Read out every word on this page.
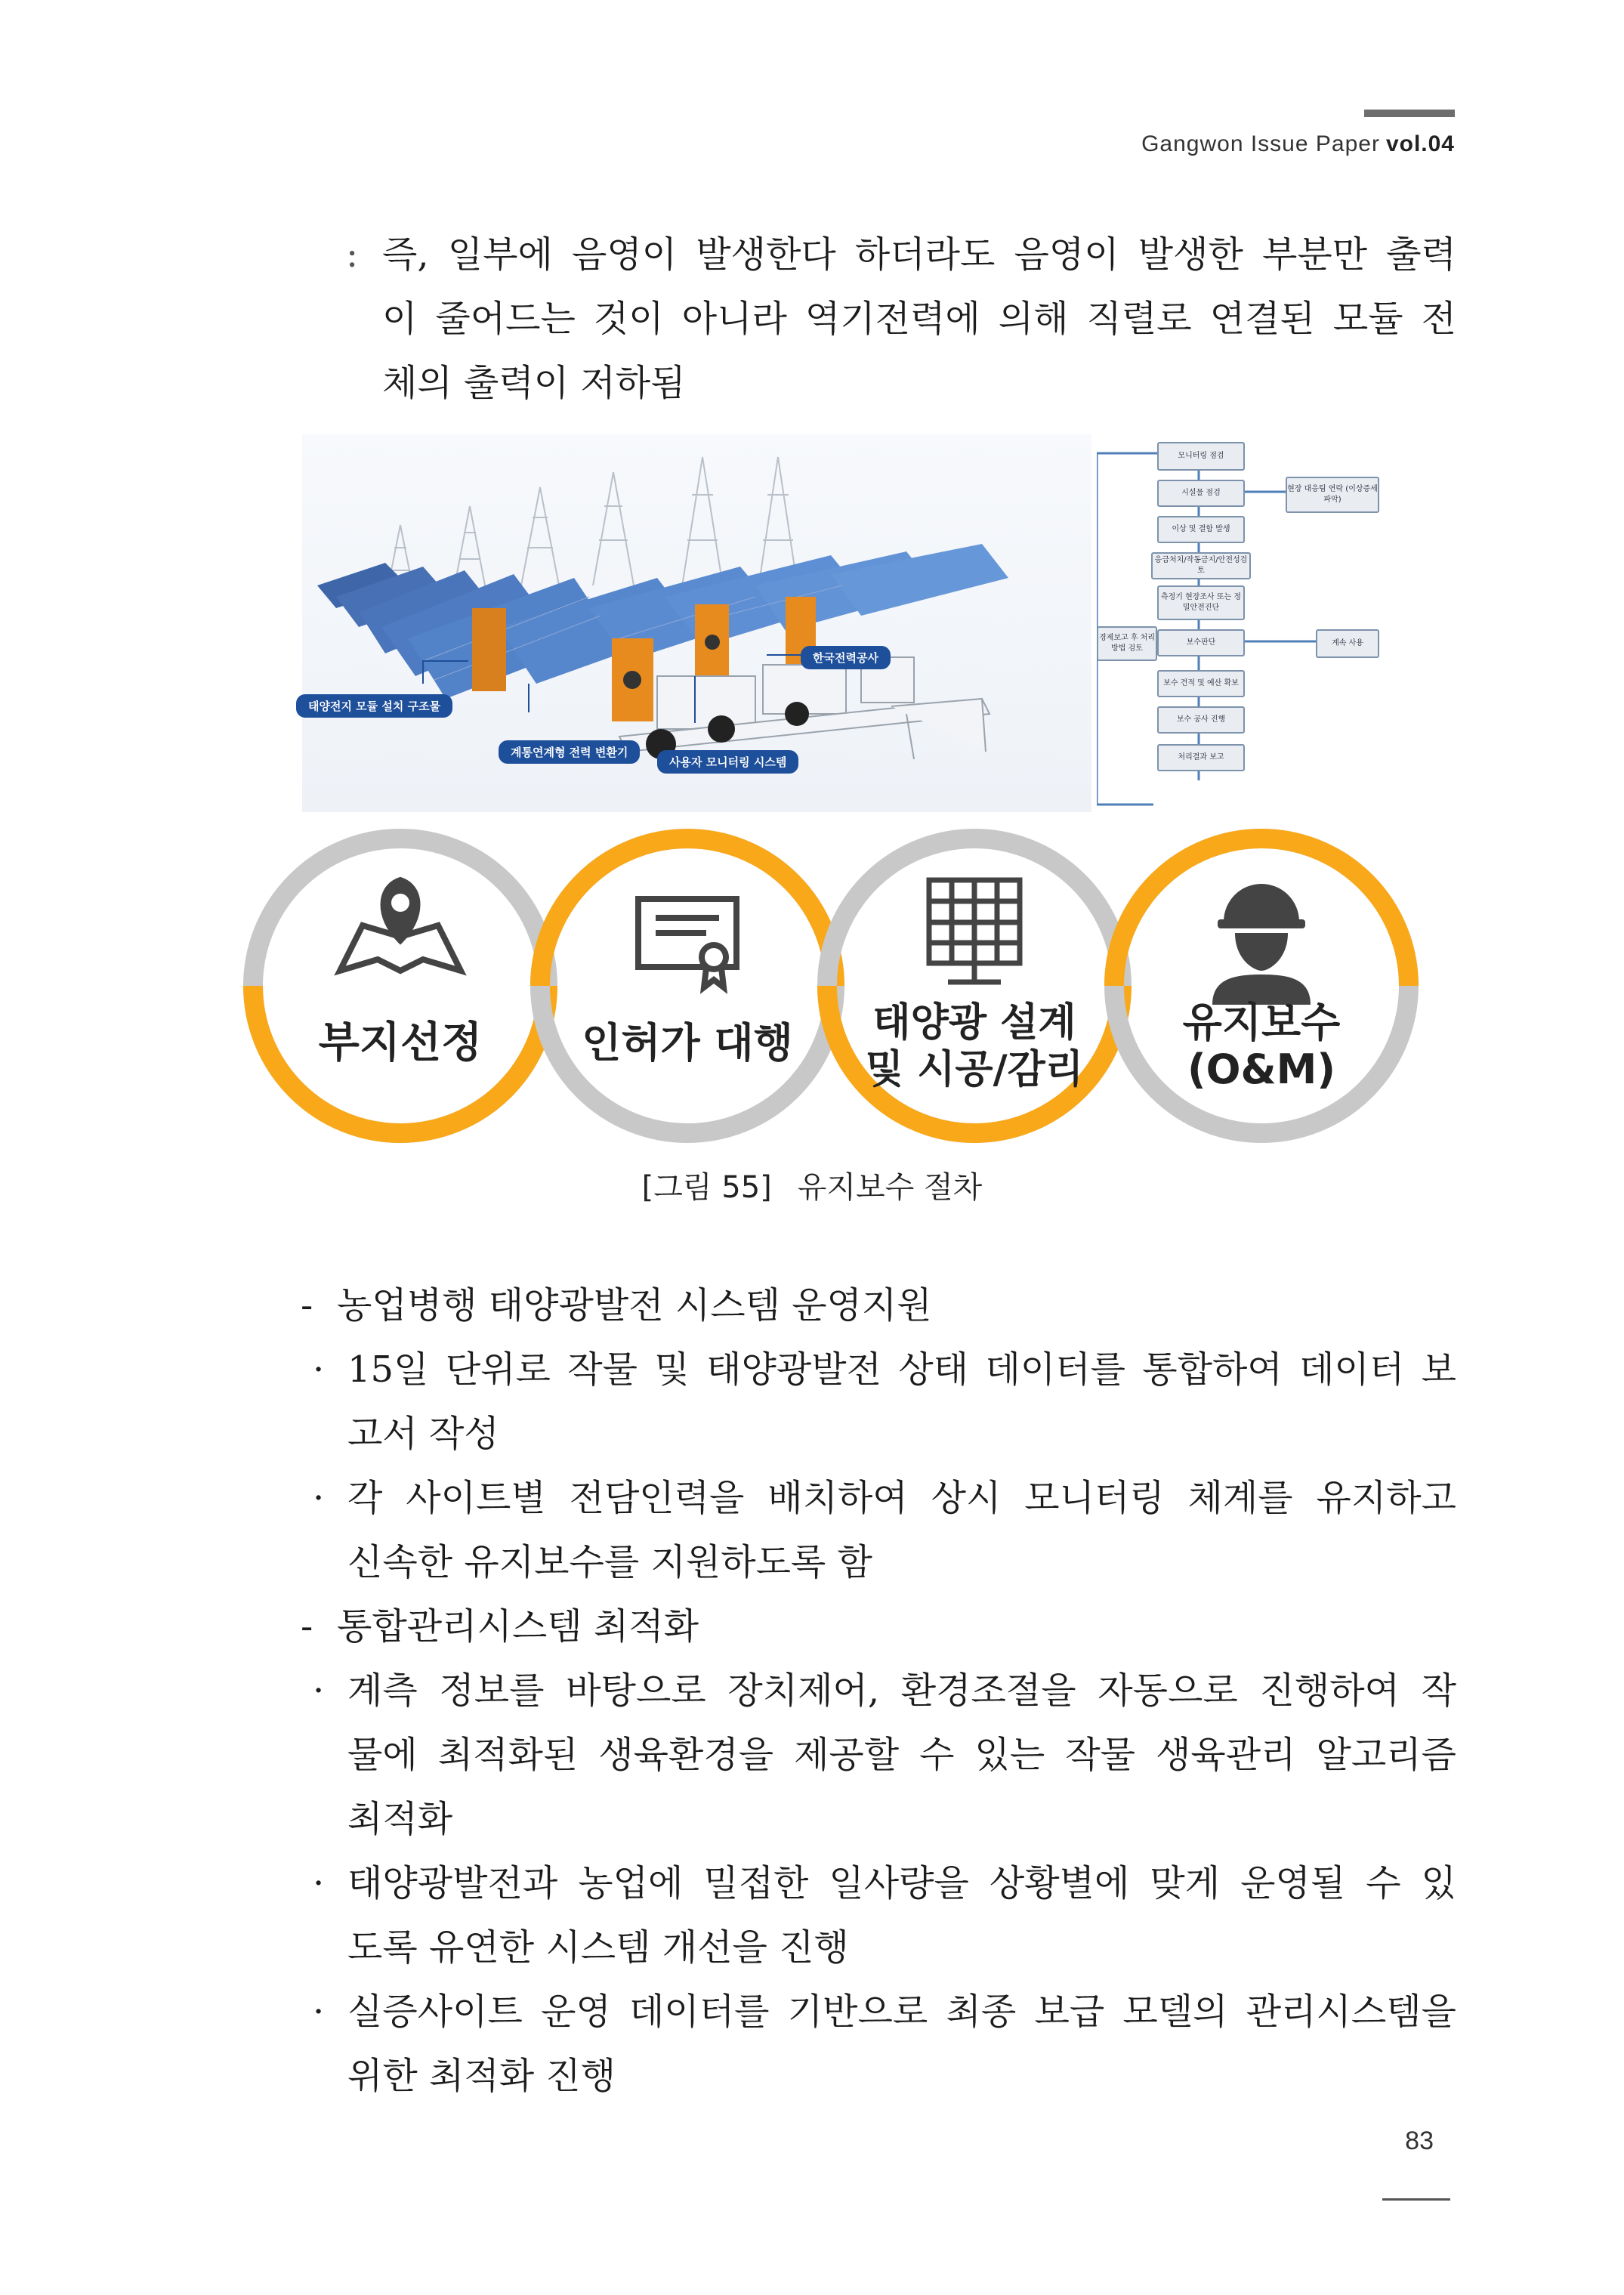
Gangwon Issue Paper vol.04
: 즉, 일부에 음영이 발생한다 하더라도 음영이 발생한 부분만 출력
이 줄어드는 것이 아니라 역기전력에 의해 직렬로 연결된 모듈 전
체의 출력이 저하됨
한국전력공사
태양전지 모듈 설치 구조물
계통연계형 전력 변환기
사용자 모니터링 시스템
모니터링 점검
시설물 점검
이상 및 결함 발생
응급처치/작동금지/안전성검토
측정기 현장조사 또는 정밀안전진단
보수판단
보수 견적 및 예산 확보
보수 공사 진행
처리결과 보고
현장 대응팀 연락 (이상증세 파악)
경제보고 후 처리방법 검토
계속 사용
부지선정	인허가 대행	태양광 설계 및 시공/감리
유지보수 (O&M)
[그림 55] 유지보수 절차
- 농업병행 태양광발전 시스템 운영지원
· 15일 단위로 작물 및 태양광발전 상태 데이터를 통합하여 데이터 보
고서 작성
· 각 사이트별 전담인력을 배치하여 상시 모니터링 체계를 유지하고
신속한 유지보수를 지원하도록 함
- 통합관리시스템 최적화
· 계측 정보를 바탕으로 장치제어, 환경조절을 자동으로 진행하여 작
물에 최적화된 생육환경을 제공할 수 있는 작물 생육관리 알고리즘
최적화
· 태양광발전과 농업에 밀접한 일사량을 상황별에 맞게 운영될 수 있
도록 유연한 시스템 개선을 진행
· 실증사이트 운영 데이터를 기반으로 최종 보급 모델의 관리시스템을
위한 최적화 진행
83
